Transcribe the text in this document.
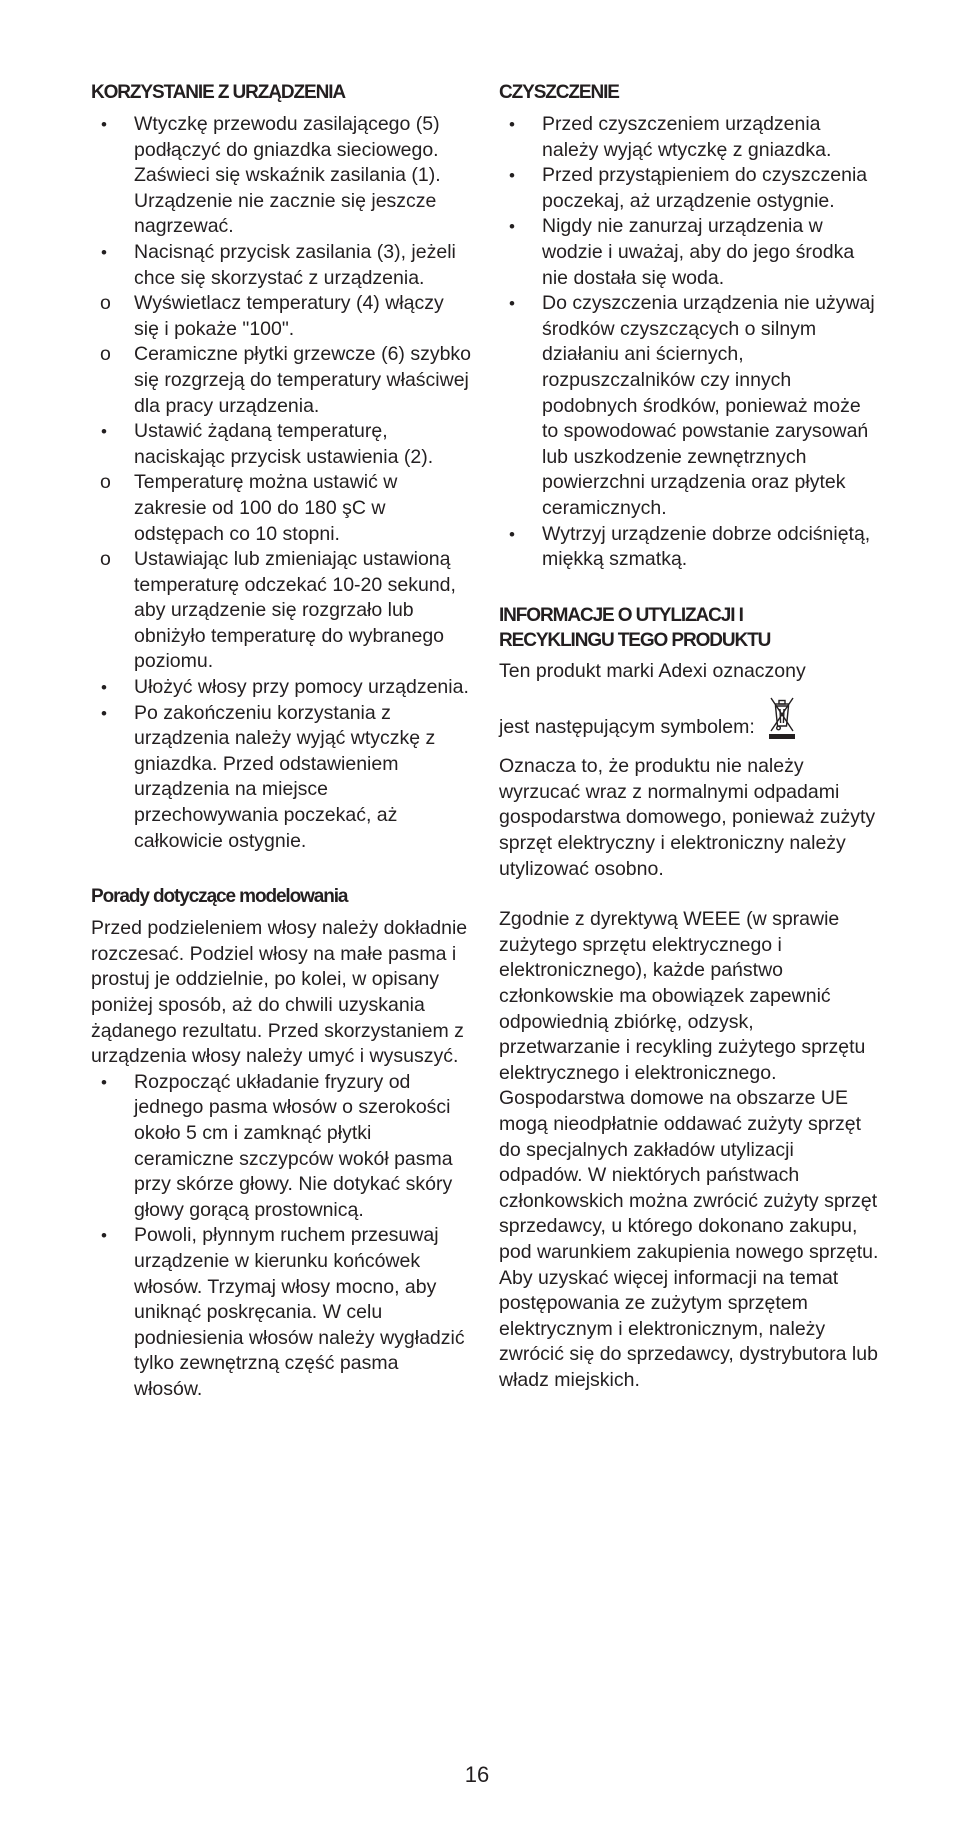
KORZYSTANIE Z URZĄDZENIA
•	Wtyczkę przewodu zasilającego (5) podłączyć do gniazdka sieciowego. Zaświeci się wskaźnik zasilania (1). Urządzenie nie zacznie się jeszcze nagrzewać.
•	Nacisnąć przycisk zasilania (3), jeżeli chce się skorzystać z urządzenia.
o	Wyświetlacz temperatury (4) włączy się i pokaże "100".
o	Ceramiczne płytki grzewcze (6) szybko się rozgrzeją do temperatury właściwej dla pracy urządzenia.
•	Ustawić żądaną temperaturę, naciskając przycisk ustawienia (2).
o	Temperaturę można ustawić w zakresie od 100 do 180 şC w odstępach co 10 stopni.
o	Ustawiając lub zmieniając ustawioną temperaturę odczekać 10-20 sekund, aby urządzenie się rozgrzało lub obniżyło temperaturę do wybranego poziomu.
•	Ułożyć włosy przy pomocy urządzenia.
•	Po zakończeniu korzystania z urządzenia należy wyjąć wtyczkę z gniazdka. Przed odstawieniem urządzenia na miejsce przechowywania poczekać, aż całkowicie ostygnie.
Porady dotyczące modelowania

Przed podzieleniem włosy należy dokładnie rozczesać. Podziel włosy na małe pasma i prostuj je oddzielnie, po kolei, w opisany poniżej sposób, aż do chwili uzyskania żądanego rezultatu. Przed skorzystaniem z urządzenia włosy należy umyć i wysuszyć.

•	Rozpocząć układanie fryzury od jednego pasma włosów o szerokości około 5 cm i zamknąć płytki ceramiczne szczypców wokół pasma przy skórze głowy. Nie dotykać skóry głowy gorącą prostownicą.
•	Powoli, płynnym ruchem przesuwaj urządzenie w kierunku końcówek włosów. Trzymaj włosy mocno, aby uniknąć poskręcania. W celu podniesienia włosów należy wygładzić tylko zewnętrzną część pasma włosów.
CZYSZCZENIE
•	Przed czyszczeniem urządzenia należy wyjąć wtyczkę z gniazdka.
•	Przed przystąpieniem do czyszczenia poczekaj, aż urządzenie ostygnie.
•	Nigdy nie zanurzaj urządzenia w wodzie i uważaj, aby do jego środka nie dostała się woda.
•	Do czyszczenia urządzenia nie używaj środków czyszczących o silnym działaniu ani ściernych, rozpuszczalników czy innych podobnych środków, ponieważ może to spowodować powstanie zarysowań lub uszkodzenie zewnętrznych powierzchni urządzenia oraz płytek ceramicznych.
•	Wytrzyj urządzenie dobrze odciśniętą, miękką szmatką.
INFORMACJE O UTYLIZACJI I
RECYKLINGU TEGO PRODUKTU

Ten produkt marki Adexi oznaczony

jest następującym symbolem:

Oznacza to, że produktu nie należy wyrzucać wraz z normalnymi odpadami gospodarstwa domowego, ponieważ zużyty sprzęt elektryczny i elektroniczny należy utylizować osobno.

Zgodnie z dyrektywą WEEE (w sprawie zużytego sprzętu elektrycznego i elektronicznego), każde państwo członkowskie ma obowiązek zapewnić odpowiednią zbiórkę, odzysk, przetwarzanie i recykling zużytego sprzętu elektrycznego i elektronicznego. Gospodarstwa domowe na obszarze UE mogą nieodpłatnie oddawać zużyty sprzęt do specjalnych zakładów utylizacji odpadów. W niektórych państwach członkowskich można zwrócić zużyty sprzęt sprzedawcy, u którego dokonano zakupu, pod warunkiem zakupienia nowego sprzętu. Aby uzyskać więcej informacji na temat postępowania ze zużytym sprzętem elektrycznym i elektronicznym, należy zwrócić się do sprzedawcy, dystrybutora lub władz miejskich.

16
